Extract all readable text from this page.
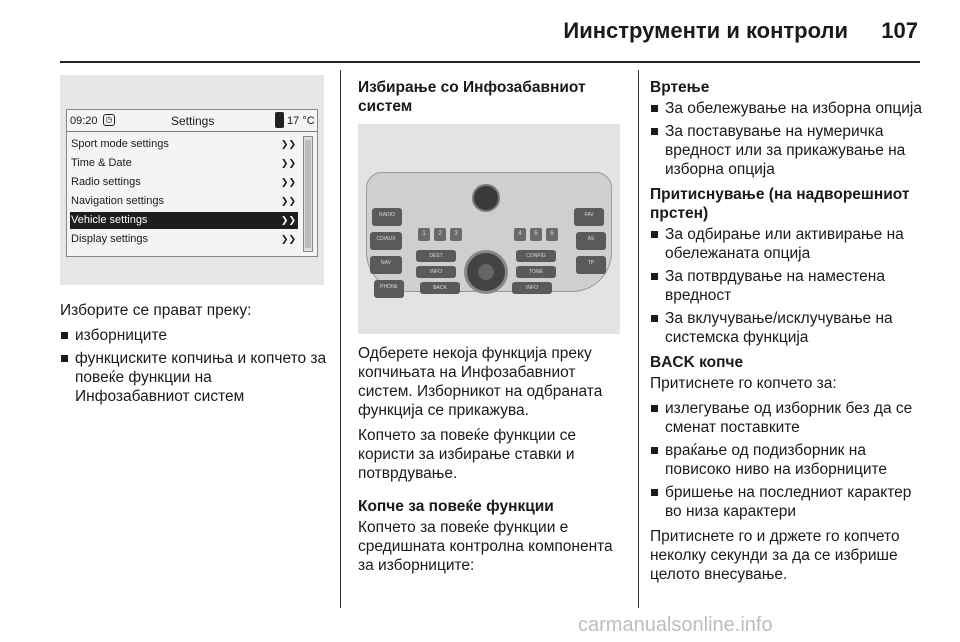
Иинструменти и контроли 107
09:20 ◷	Settings	17 °C
Sport mode settings	❯❯
Time & Date	❯❯
Radio settings	❯❯
Navigation settings	❯❯
Vehicle settings	❯❯
Display settings	❯❯
RADIO
CD/AUX
NAV
PHONE
FAV
AS
TP
DEST
INFO
BACK
CONFIG
TONE
INFO
1	2	3	4	5	6

Изборите се прават преку:

изборниците
функциските копчиња и копчето за повеќе функции на Инфозабавниот систем

Избирање со Инфозабавниот систем

Одберете некоја функција преку копчињата на Инфозабавниот систем. Изборникот на одбраната функција се прикажува.

Копчето за повеќе функции се користи за избирање ставки и потврдување.

Копче за повеќе функции

Копчето за повеќе функции е средишната контролна компонента за изборниците:

Вртење

За обележување на изборна опција
За поставување на нумеричка вредност или за прикажување на изборна опција

Притиснување (на надворешниот прстен)

За одбирање или активирање на обележаната опција
За потврдување на наместена вредност
За вклучување/исклучување на системска функција

BACK копче

Притиснете го копчето за:

излегување од изборник без да се сменат поставките
враќање од подизборник на повисоко ниво на изборниците
бришење на последниот карактер во низа карактери

Притиснете го и држете го копчето неколку секунди за да се избрише целото внесување.

carmanualsonline.info
